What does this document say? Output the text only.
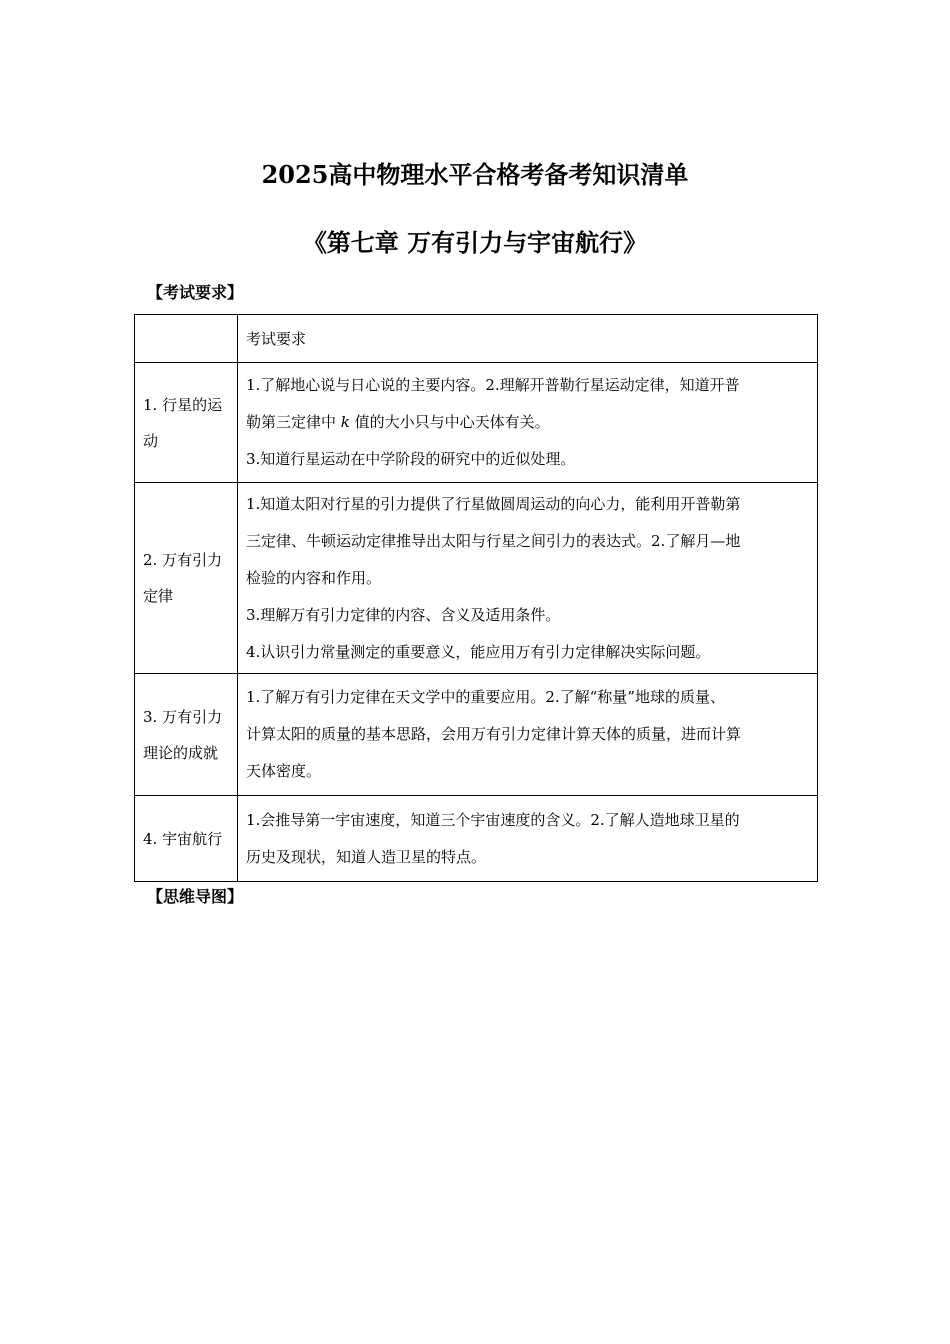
2025高中物理水平合格考备考知识清单
《第七章 万有引力与宇宙航行》

【考试要求】

	考试要求

1. 行星的运动	1.了解地心说与日心说的主要内容。2.理解开普勒行星运动定律，知道开普

勒第三定律中 k 值的大小只与中心天体有关。

3.知道行星运动在中学阶段的研究中的近似处理。

2. 万有引力定律	1.知道太阳对行星的引力提供了行星做圆周运动的向心力，能利用开普勒第

三定律、牛顿运动定律推导出太阳与行星之间引力的表达式。2.了解月—地

检验的内容和作用。

3.理解万有引力定律的内容、含义及适用条件。

4.认识引力常量测定的重要意义，能应用万有引力定律解决实际问题。

3. 万有引力理论的成就	1.了解万有引力定律在天文学中的重要应用。2.了解“称量”地球的质量、

计算太阳的质量的基本思路，会用万有引力定律计算天体的质量，进而计算

天体密度。

4. 宇宙航行	1.会推导第一宇宙速度，知道三个宇宙速度的含义。2.了解人造地球卫星的

历史及现状，知道人造卫星的特点。

【思维导图】
